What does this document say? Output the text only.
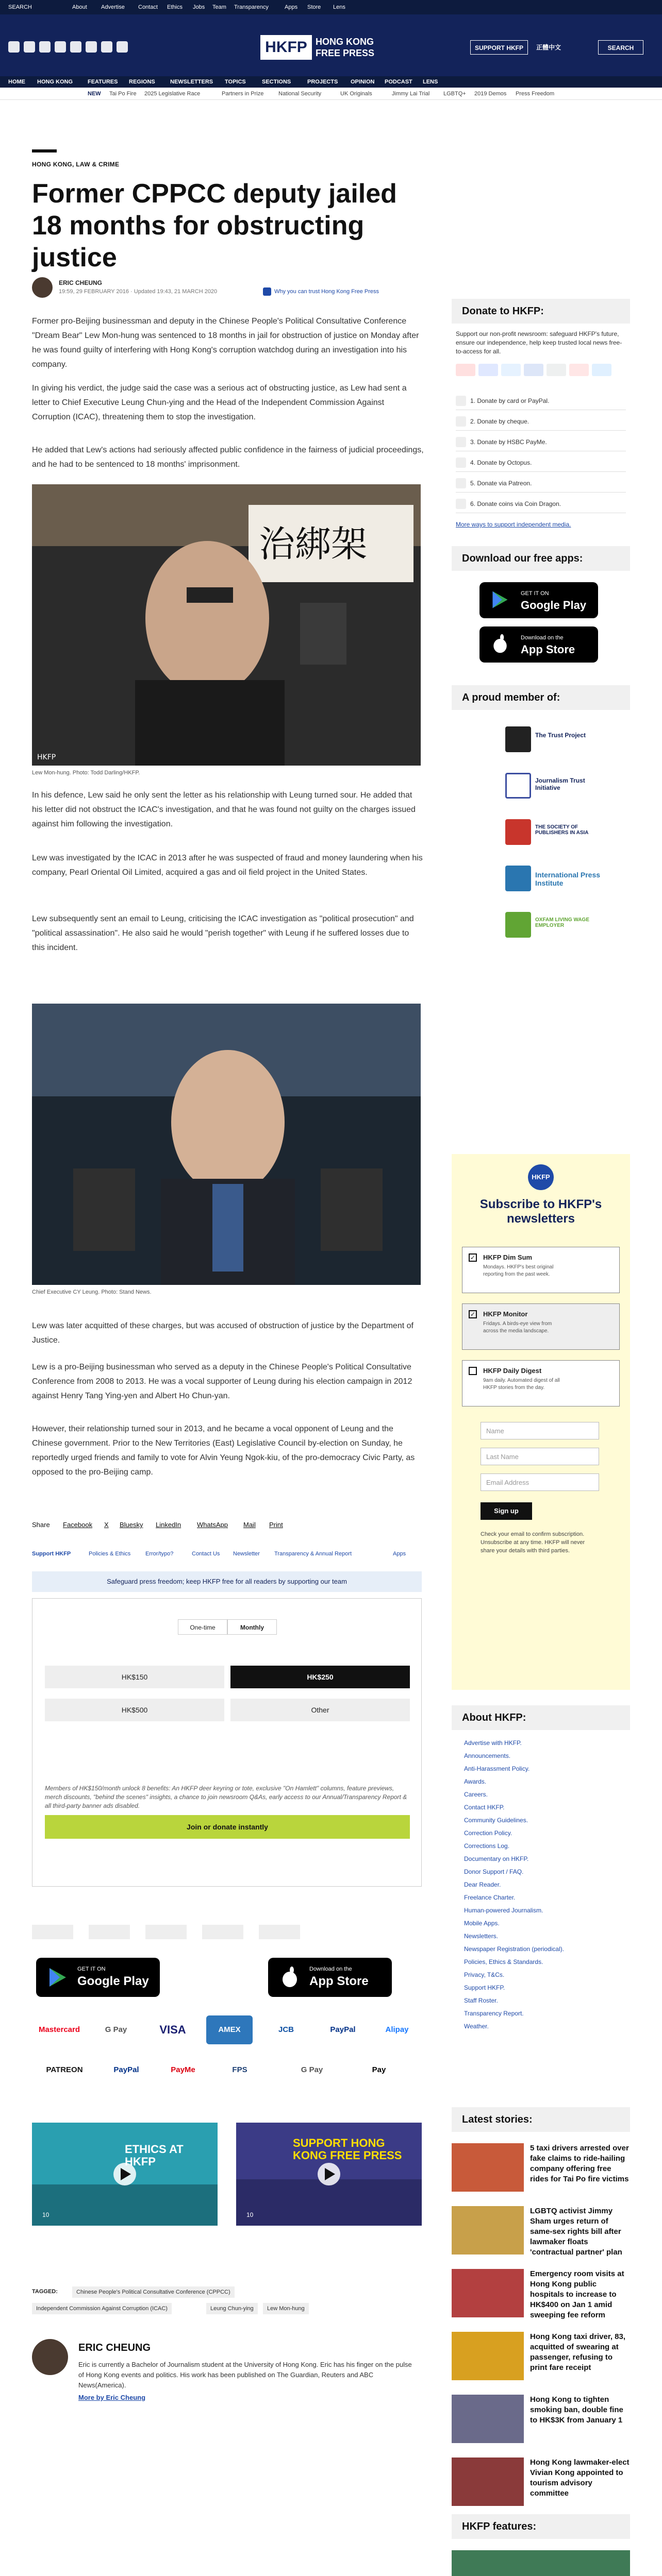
SEARCH	About Advertise Contact Ethics Jobs Team Transparency	Apps Store Lens
HKFP HONG KONG FREE PRESS	SUPPORT HKFP	正體中文	SEARCH
HOME HONG KONG	FEATURES REGIONS	NEWSLETTERS TOPICS	SECTIONS	PROJECTS OPINION PODCAST LENS
NEW Tai Po Fire 2025 Legislative Race	Partners in Prize	National Security	UK Originals	Jimmy Lai Trial LGBTQ+ 2019 Demos Press Freedom
HONG KONG, LAW & CRIME
Former CPPCC deputy jailed 18 months for obstructing justice
ERIC CHEUNG
19:59, 29 FEBRUARY 2016 · Updated 19:43, 21 MARCH 2020	Why you can trust Hong Kong Free Press

Former pro-Beijing businessman and deputy in the Chinese People's Political Consultative Conference "Dream Bear" Lew Mon-hung was sentenced to 18 months in jail for obstruction of justice on Monday after he was found guilty of interfering with Hong Kong's corruption watchdog during an investigation into his company.

In giving his verdict, the judge said the case was a serious act of obstructing justice, as Lew had sent a letter to Chief Executive Leung Chun-ying and the Head of the Independent Commission Against Corruption (ICAC), threatening them to stop the investigation.

He added that Lew's actions had seriously affected public confidence in the fairness of judicial proceedings, and he had to be sentenced to 18 months' imprisonment.

治綁架
HKFP
Lew Mon-hung. Photo: Todd Darling/HKFP.

In his defence, Lew said he only sent the letter as his relationship with Leung turned sour. He added that his letter did not obstruct the ICAC's investigation, and that he was found not guilty on the charges issued against him following the investigation.

Lew was investigated by the ICAC in 2013 after he was suspected of fraud and money laundering when his company, Pearl Oriental Oil Limited, acquired a gas and oil field project in the United States.

Lew subsequently sent an email to Leung, criticising the ICAC investigation as "political prosecution" and "political assassination". He also said he would "perish together" with Leung if he suffered losses due to this incident.

Chief Executive CY Leung. Photo: Stand News.

Lew was later acquitted of these charges, but was accused of obstruction of justice by the Department of Justice.

Lew is a pro-Beijing businessman who served as a deputy in the Chinese People's Political Consultative Conference from 2008 to 2013. He was a vocal supporter of Leung during his election campaign in 2012 against Henry Tang Ying-yen and Albert Ho Chun-yan.

However, their relationship turned sour in 2013, and he became a vocal opponent of Leung and the Chinese government. Prior to the New Territories (East) Legislative Council by-election on Sunday, he reportedly urged friends and family to vote for Alvin Yeung Ngok-kiu, of the pro-democracy Civic Party, as opposed to the pro-Beijing camp.

Share Facebook X Bluesky LinkedIn WhatsApp Mail Print
Support HKFP	Policies & Ethics	Error/typo?	Contact Us Newsletter	Transparency & Annual Report	Apps
Safeguard press freedom; keep HKFP free for all readers by supporting our team
One-time	Monthly
HK$150	HK$250
HK$500	Other
Members of HK$150/month unlock 8 benefits: An HKFP deer keyring or tote, exclusive "On Hamlett" columns, feature previews, merch discounts, "behind the scenes" insights, a chance to join newsroom Q&As, early access to our Annual/Transparency Report & all third-party banner ads disabled.
Join or donate instantly
GET IT ON
Google Play
Download on the
App Store
Mastercard	G Pay	VISA	AMEX	JCB	PayPal	Alipay
PATREON	PayPal	PayMe	FPS	G Pay	Pay
ETHICS AT HKFP
10
SUPPORT HONG KONG FREE PRESS
10
TAGGED:	Chinese People's Political Consultative Conference (CPPCC)
Independent Commission Against Corruption (ICAC)	Leung Chun-ying	Lew Mon-hung
ERIC CHEUNG

Eric is currently a Bachelor of Journalism student at the University of Hong Kong. Eric has his finger on the pulse of Hong Kong events and politics. His work has been published on The Guardian, Reuters and ABC News(America).

More by Eric Cheung
Donate to HKFP:

Support our non-profit newsroom: safeguard HKFP's future, ensure our independence, help keep trusted local news free-to-access for all.

1. Donate by card or PayPal.
2. Donate by cheque.
3. Donate by HSBC PayMe.
4. Donate by Octopus.
5. Donate via Patreon.
6. Donate coins via Coin Dragon.
More ways to support independent media.
Download our free apps:
GET IT ON
Google Play
Download on the
App Store
A proud member of:
The Trust Project
Journalism Trust Initiative
THE SOCIETY OF PUBLISHERS IN ASIA
International Press Institute
OXFAM LIVING WAGE EMPLOYER
HKFP
Subscribe to HKFP's newsletters
✓ HKFP Dim Sum
Mondays. HKFP's best original reporting from the past week.
✓ HKFP Monitor
Fridays. A birds-eye view from across the media landscape.
HKFP Daily Digest
9am daily. Automated digest of all HKFP stories from the day.
Name
Last Name
Email Address
Sign up

Check your email to confirm subscription. Unsubscribe at any time. HKFP will never share your details with third parties.

About HKFP:
Advertise with HKFP.
Announcements.
Anti-Harassment Policy.
Awards.
Careers.
Contact HKFP.
Community Guidelines.
Correction Policy.
Corrections Log.
Documentary on HKFP.
Donor Support / FAQ.
Dear Reader.
Freelance Charter.
Human-powered Journalism.
Mobile Apps.
Newsletters.
Newspaper Registration (periodical).
Policies, Ethics & Standards.
Privacy, T&Cs.
Support HKFP.
Staff Roster.
Transparency Report.
Weather.
Latest stories:
5 taxi drivers arrested over fake claims to ride-hailing company offering free rides for Tai Po fire victims
LGBTQ activist Jimmy Sham urges return of same-sex rights bill after lawmaker floats 'contractual partner' plan
Emergency room visits at Hong Kong public hospitals to increase to HK$400 on Jan 1 amid sweeping fee reform
Hong Kong taxi driver, 83, acquitted of swearing at passenger, refusing to print fare receipt
Hong Kong to tighten smoking ban, double fine to HK$3K from January 1
Hong Kong lawmaker-elect Vivian Kong appointed to tourism advisory committee
HKFP features:
